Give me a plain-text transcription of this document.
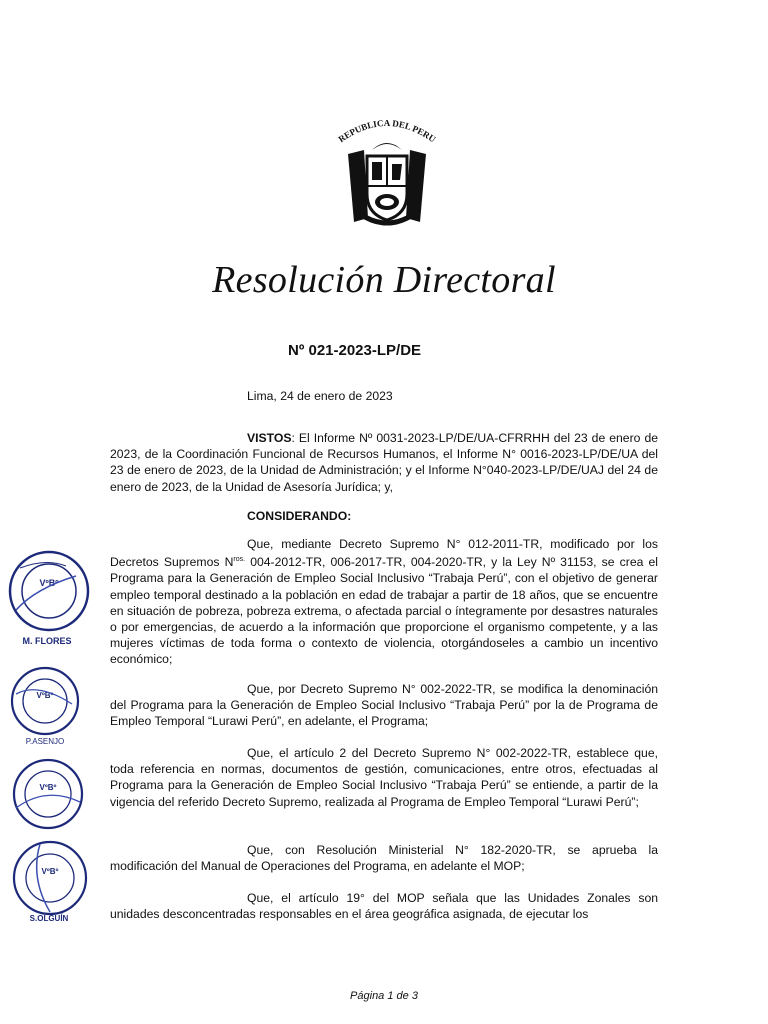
REPUBLICA DEL PERU
Resolución Directoral
Nº 021-2023-LP/DE
Lima, 24 de enero de 2023

VISTOS: El Informe Nº 0031-2023-LP/DE/UA-CFRRHH del 23 de enero de 2023, de la Coordinación Funcional de Recursos Humanos, el Informe N° 0016-2023-LP/DE/UA del 23 de enero de 2023, de la Unidad de Administración; y el Informe N°040-2023-LP/DE/UAJ del 24 de enero de 2023, de la Unidad de Asesoría Jurídica; y,

CONSIDERANDO:

Que, mediante Decreto Supremo N° 012-2011-TR, modificado por los Decretos Supremos $N^{ros.}$ 004-2012-TR, 006-2017-TR, 004-2020-TR, y la Ley Nº 31153, se crea el Programa para la Generación de Empleo Social Inclusivo “Trabaja Perú”, con el objetivo de generar empleo temporal destinado a la población en edad de trabajar a partir de 18 años, que se encuentre en situación de pobreza, pobreza extrema, o afectada parcial o íntegramente por desastres naturales o por emergencias, de acuerdo a la información que proporcione el organismo competente, y a las mujeres víctimas de toda forma o contexto de violencia, otorgándoseles a cambio un incentivo económico;

Que, por Decreto Supremo N° 002-2022-TR, se modifica la denominación del Programa para la Generación de Empleo Social Inclusivo “Trabaja Perú” por la de Programa de Empleo Temporal “Lurawi Perú”, en adelante, el Programa;

Que, el artículo 2 del Decreto Supremo N° 002-2022-TR, establece que, toda referencia en normas, documentos de gestión, comunicaciones, entre otros, efectuadas al Programa para la Generación de Empleo Social Inclusivo “Trabaja Perú” se entiende, a partir de la vigencia del referido Decreto Supremo, realizada al Programa de Empleo Temporal “Lurawi Perú”;

Que, con Resolución Ministerial N° 182-2020-TR, se aprueba la modificación del Manual de Operaciones del Programa, en adelante el MOP;

Que, el artículo 19° del MOP señala que las Unidades Zonales son unidades desconcentradas responsables en el área geográfica asignada, de ejecutar los

VºBº
M. FLORES
VºBº
P.ASENJO
VºBº
VºBº
S.OLGUÍN
Página 1 de 3
